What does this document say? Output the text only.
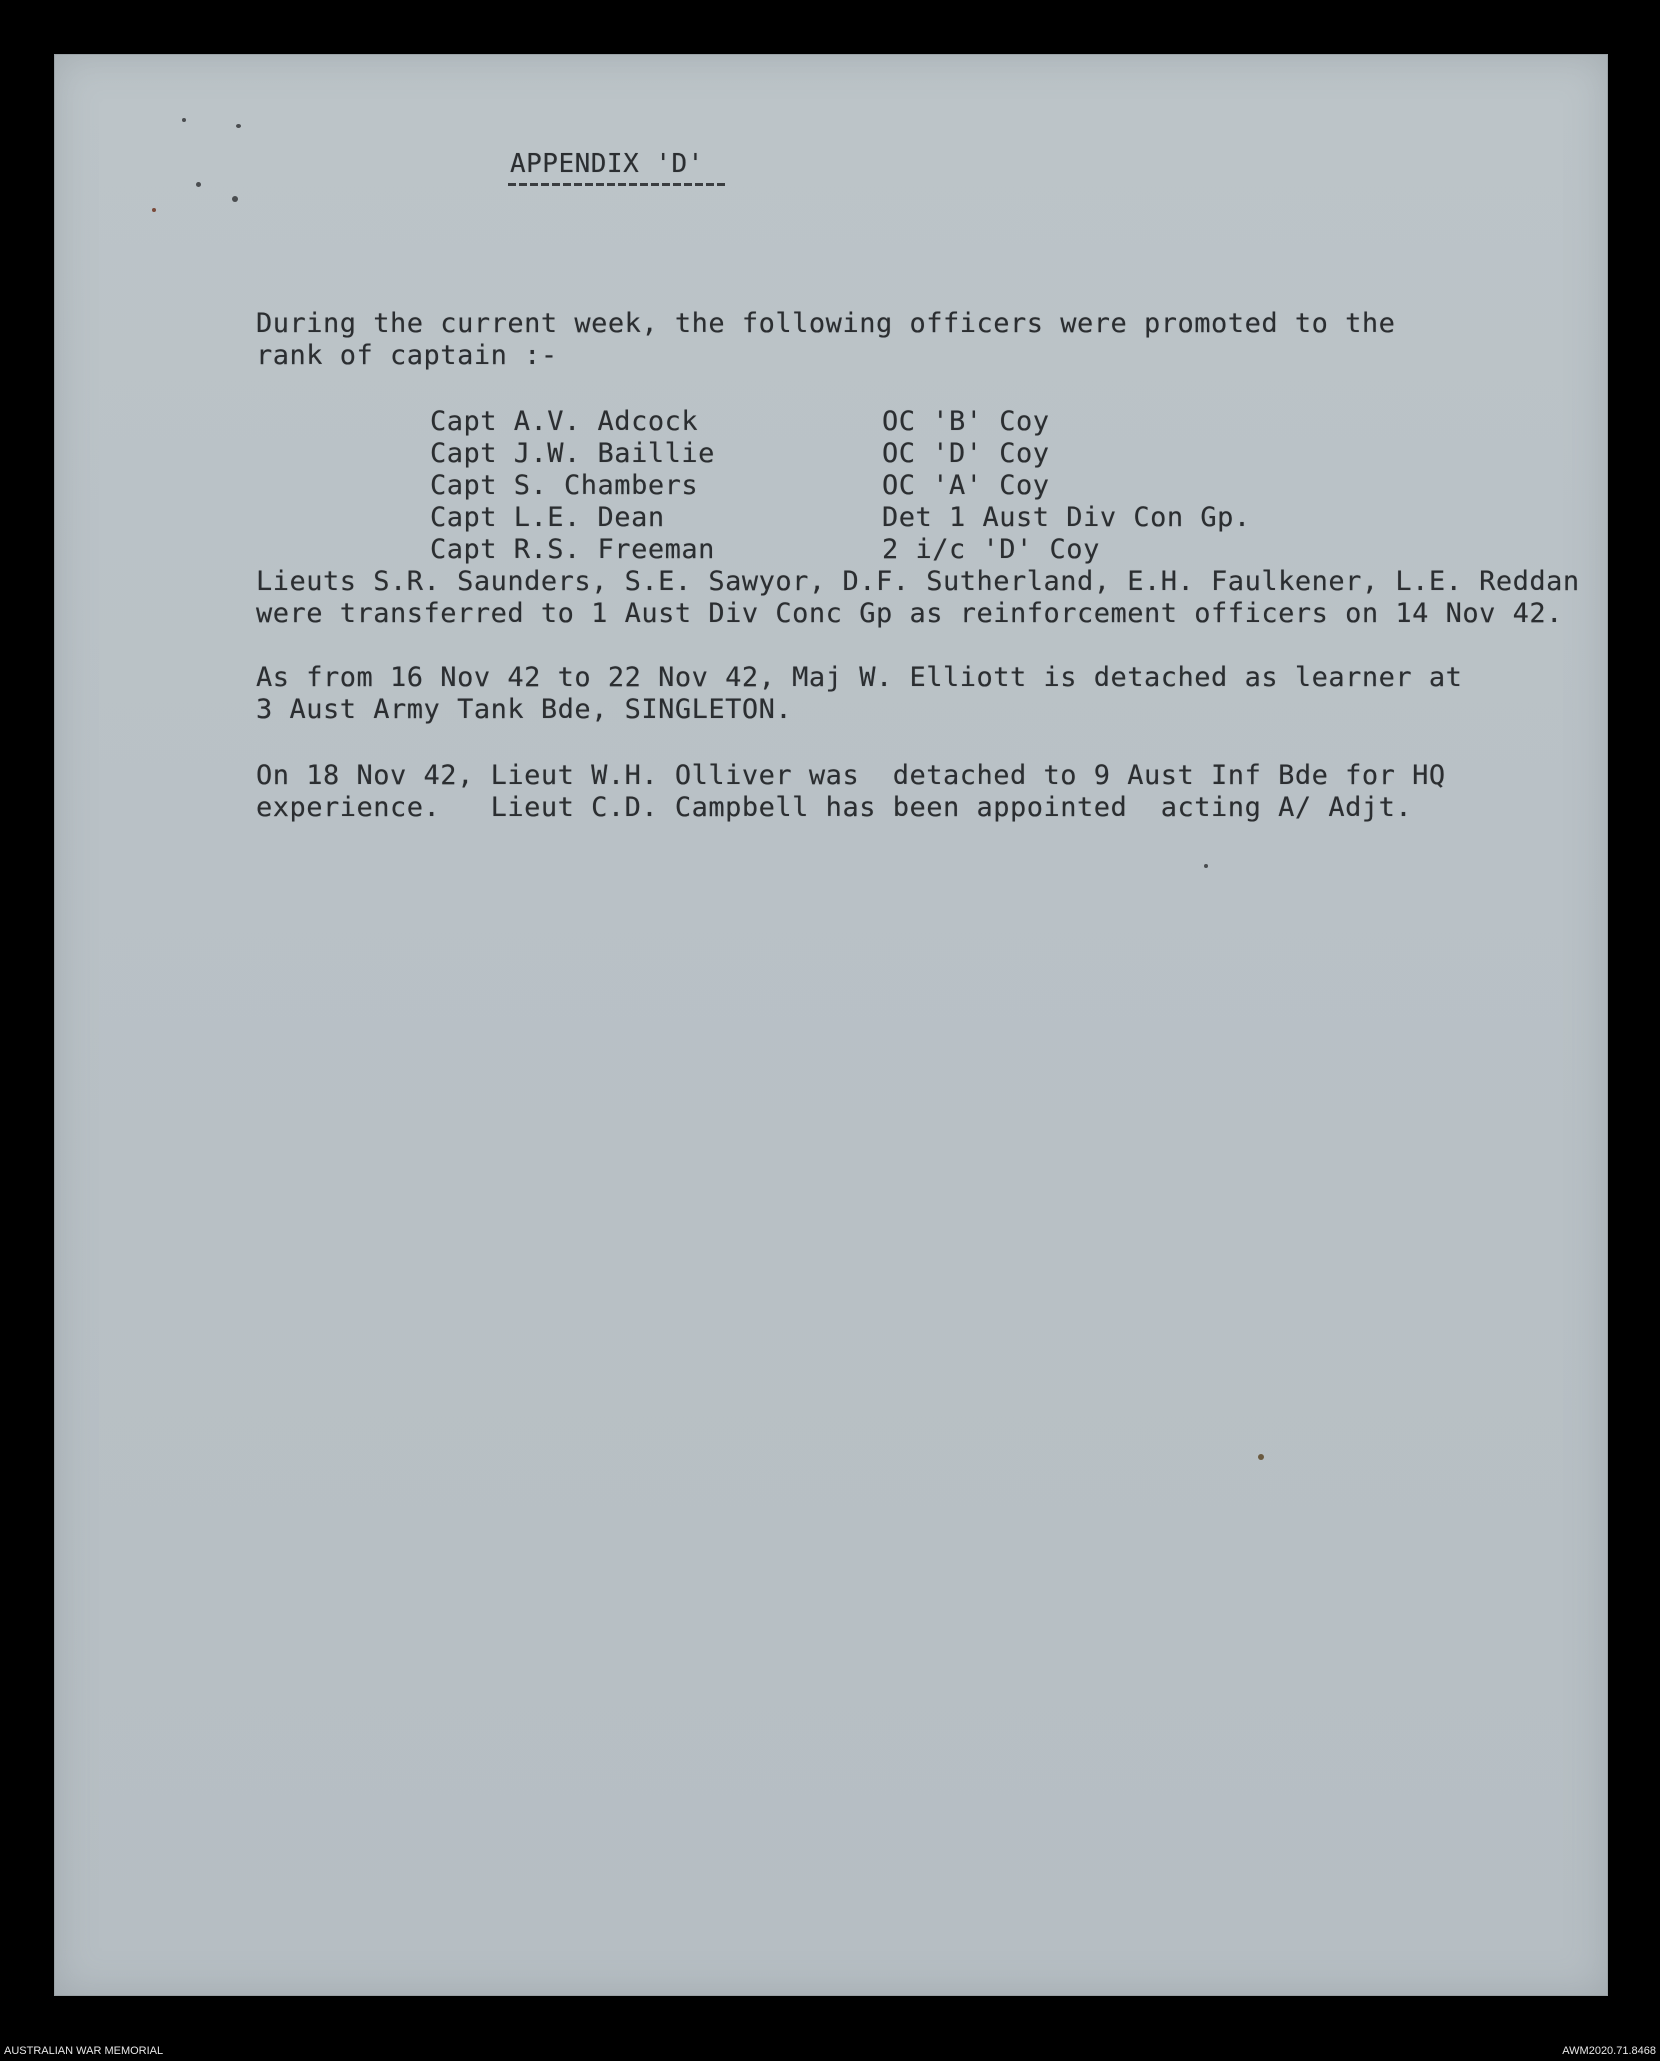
APPENDIX 'D'
During the current week, the following officers were promoted to the
rank of captain :-
Capt A.V. Adcock	OC 'B' Coy
Capt J.W. Baillie	OC 'D' Coy
Capt S. Chambers	OC 'A' Coy
Capt L.E. Dean	Det 1 Aust Div Con Gp.
Capt R.S. Freeman	2 i/c 'D' Coy
Lieuts S.R. Saunders, S.E. Sawyor, D.F. Sutherland, E.H. Faulkener, L.E. Reddan
were transferred to 1 Aust Div Conc Gp as reinforcement officers on 14 Nov 42.
As from 16 Nov 42 to 22 Nov 42, Maj W. Elliott is detached as learner at
3 Aust Army Tank Bde, SINGLETON.
On 18 Nov 42, Lieut W.H. Olliver was  detached to 9 Aust Inf Bde for HQ
experience.   Lieut C.D. Campbell has been appointed  acting A/ Adjt.
AUSTRALIAN WAR MEMORIAL	AWM2020.71.8468
